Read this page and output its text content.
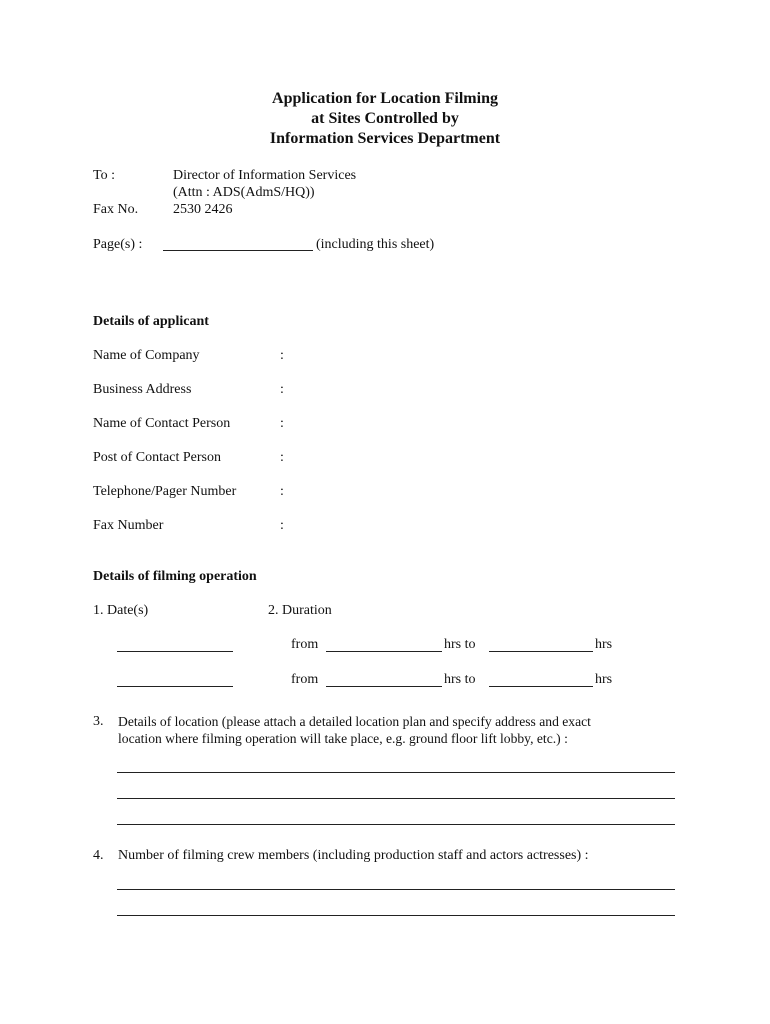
Application for Location Filming
at Sites Controlled by
Information Services Department
To :	Director of Information Services
(Attn : ADS(AdmS/HQ))
Fax No. 2530 2426
Page(s) :	(including this sheet)
Details of applicant
Name of Company	:
Business Address	:
Name of Contact Person	:
Post of Contact Person	:
Telephone/Pager Number	:
Fax Number	:
Details of filming operation
1. Date(s)	2. Duration
from	hrs to	hrs
from	hrs to	hrs
3. Details of location (please attach a detailed location plan and specify address and exact
location where filming operation will take place, e.g. ground floor lift lobby, etc.) :
4. Number of filming crew members (including production staff and actors actresses) :
